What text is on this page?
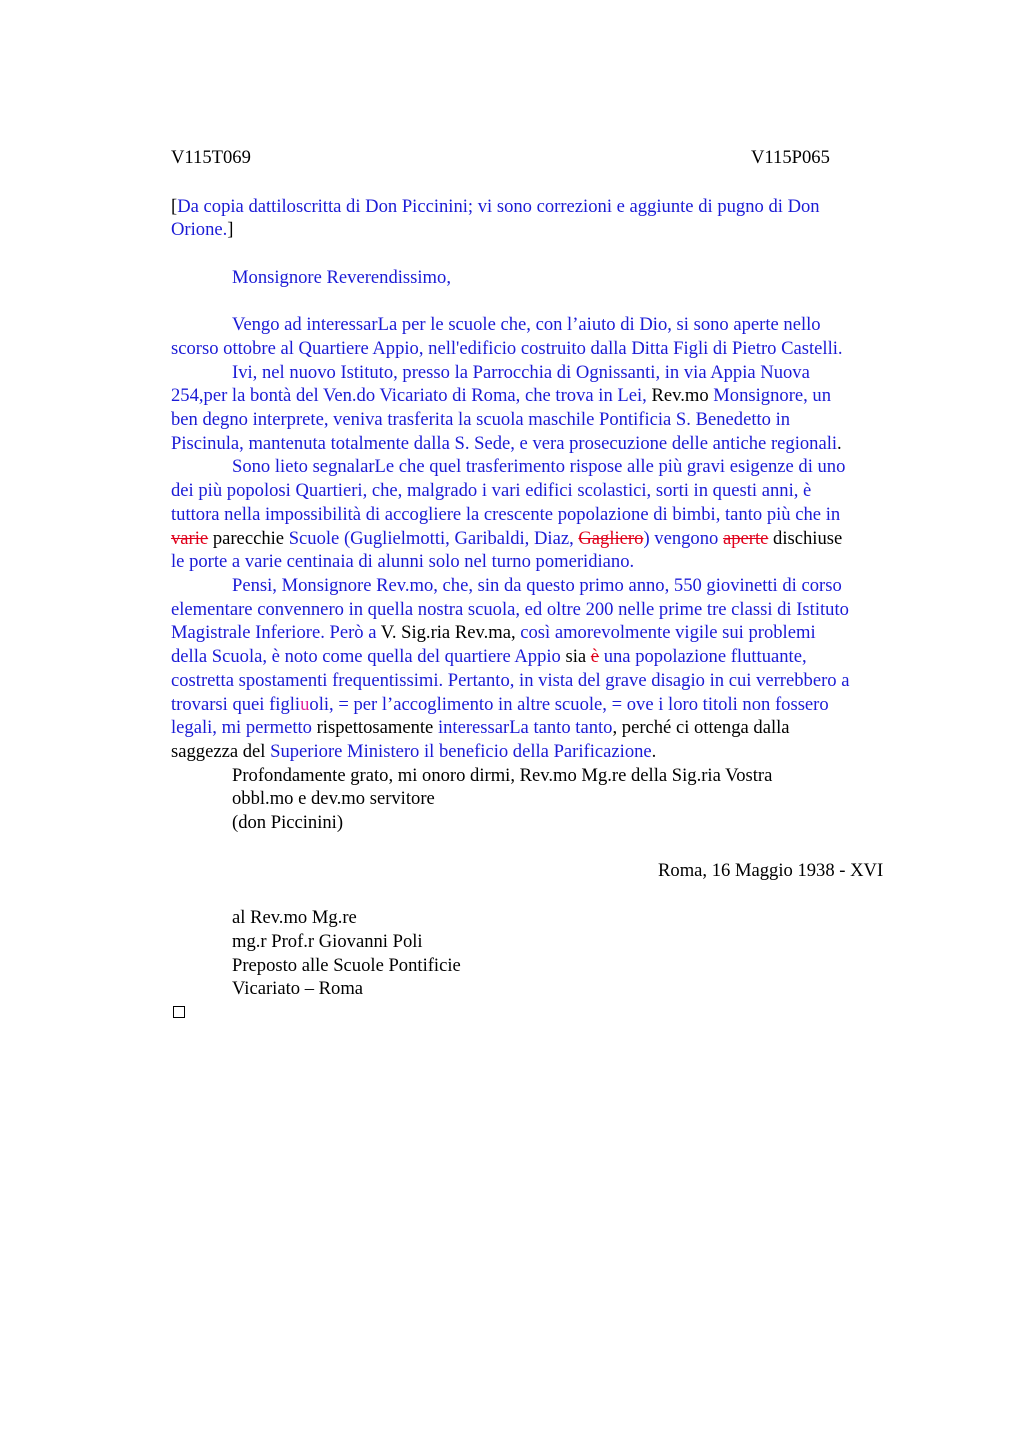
V115T069	V115P065
[Da copia dattiloscritta di Don Piccinini; vi sono correzioni e aggiunte di pugno di Don
Orione.]
Monsignore Reverendissimo,
Vengo ad interessarLa per le scuole che, con l’aiuto di Dio, si sono aperte nello
scorso ottobre al Quartiere Appio, nell'edificio costruito dalla Ditta Figli di Pietro Castelli.
Ivi, nel nuovo Istituto, presso la Parrocchia di Ognissanti, in via Appia Nuova
254,per la bontà del Ven.do Vicariato di Roma, che trova in Lei, Rev.mo Monsignore, un
ben degno interprete, veniva trasferita la scuola maschile Pontificia S. Benedetto in
Piscinula, mantenuta totalmente dalla S. Sede, e vera prosecuzione delle antiche regionali.
Sono lieto segnalarLe che quel trasferimento rispose alle più gravi esigenze di uno
dei più popolosi Quartieri, che, malgrado i vari edifici scolastici, sorti in questi anni, è
tuttora nella impossibilità di accogliere la crescente popolazione di bimbi, tanto più che in
varie parecchie Scuole (Guglielmotti, Garibaldi, Diaz, Gagliero) vengono aperte dischiuse
le porte a varie centinaia di alunni solo nel turno pomeridiano.
Pensi, Monsignore Rev.mo, che, sin da questo primo anno, 550 giovinetti di corso
elementare convennero in quella nostra scuola, ed oltre 200 nelle prime tre classi di Istituto
Magistrale Inferiore. Però a V. Sig.ria Rev.ma, così amorevolmente vigile sui problemi
della Scuola, è noto come quella del quartiere Appio sia è una popolazione fluttuante,
costretta spostamenti frequentissimi. Pertanto, in vista del grave disagio in cui verrebbero a
trovarsi quei figliuoli, = per l’accoglimento in altre scuole, = ove i loro titoli non fossero
legali, mi permetto rispettosamente interessarLa tanto tanto, perché ci ottenga dalla
saggezza del Superiore Ministero il beneficio della Parificazione.
Profondamente grato, mi onoro dirmi, Rev.mo Mg.re della Sig.ria Vostra
obbl.mo e dev.mo servitore
(don Piccinini)
Roma, 16 Maggio 1938 - XVI
al Rev.mo Mg.re
mg.r Prof.r Giovanni Poli
Preposto alle Scuole Pontificie
Vicariato – Roma
